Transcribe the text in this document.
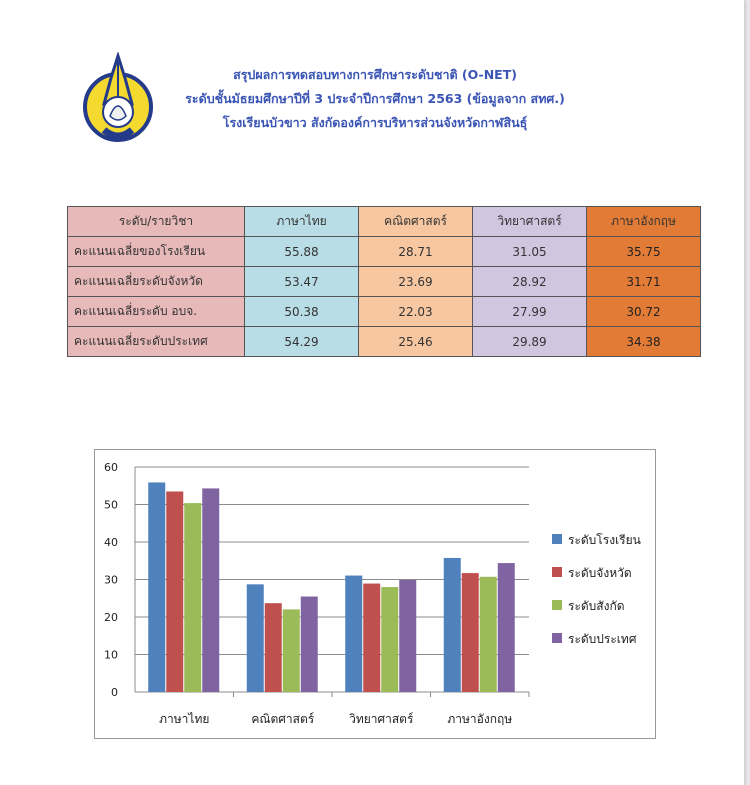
สรุปผลการทดสอบทางการศึกษาระดับชาติ (O-NET)
ระดับชั้นมัธยมศึกษาปีที่ 3 ประจำปีการศึกษา 2563 (ข้อมูลจาก สทศ.)
โรงเรียนบัวขาว สังกัดองค์การบริหารส่วนจังหวัดกาฬสินธุ์
ระดับ/รายวิชา	ภาษาไทย	คณิตศาสตร์	วิทยาศาสตร์	ภาษาอังกฤษ
คะแนนเฉลี่ยของโรงเรียน	55.88	28.71	31.05	35.75
คะแนนเฉลี่ยระดับจังหวัด	53.47	23.69	28.92	31.71
คะแนนเฉลี่ยระดับ อบจ.	50.38	22.03	27.99	30.72
คะแนนเฉลี่ยระดับประเทศ	54.29	25.46	29.89	34.38
0
10
20
30
40
50
60
ภาษาไทย	คณิตศาสตร์	วิทยาศาสตร์	ภาษาอังกฤษ
ระดับโรงเรียน
ระดับจังหวัด
ระดับสังกัด
ระดับประเทศ
